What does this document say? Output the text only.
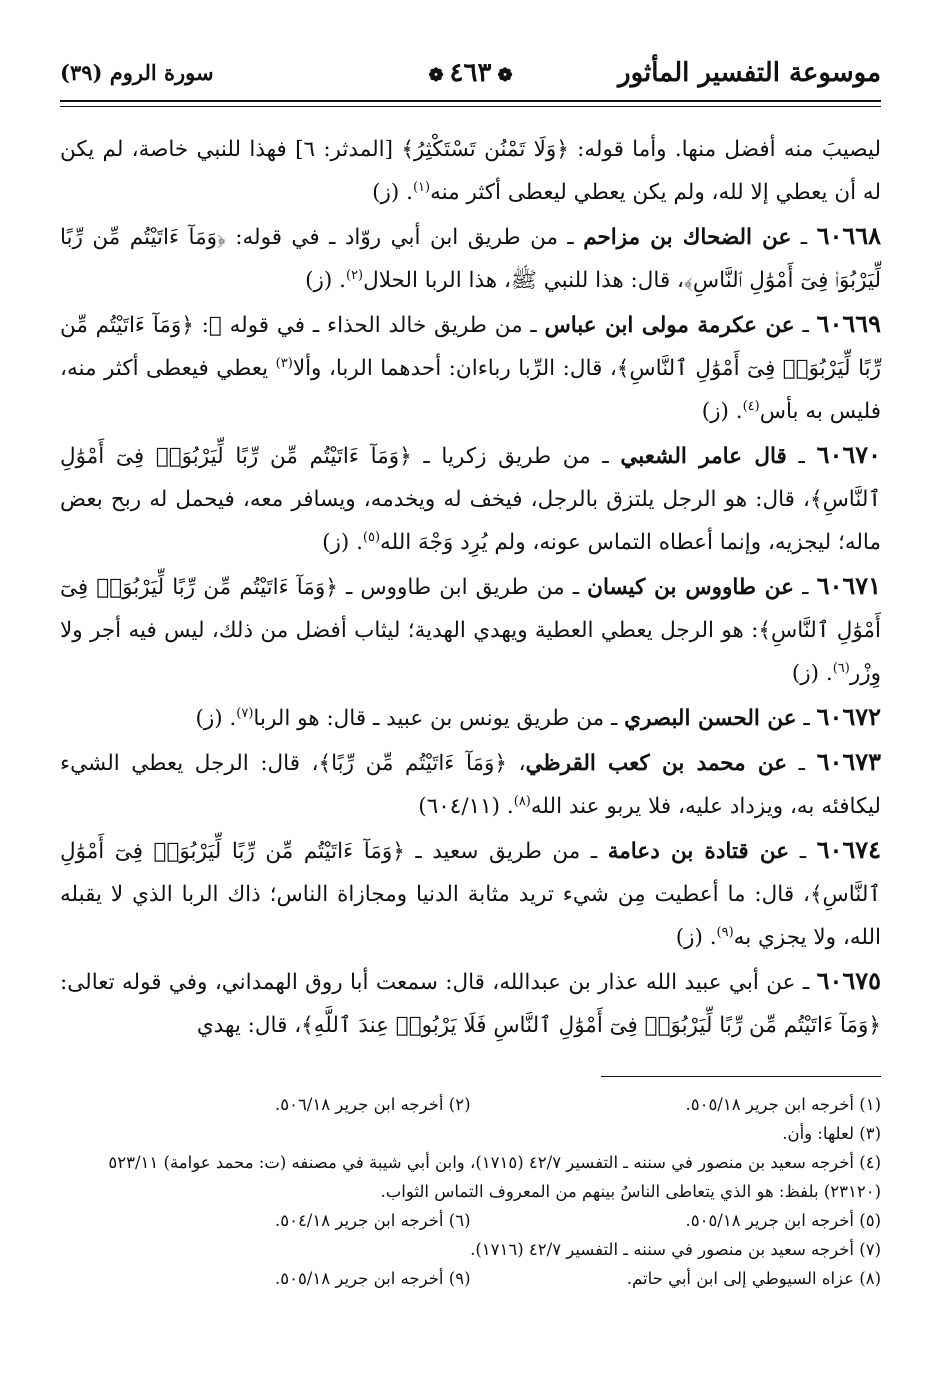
موسوعة التفسير المأثور
❁ ٤٦٣ ❁
سورة الروم (٣٩)

ليصيبَ منه أفضل منها. وأما قوله: ﴿وَلَا تَمْنُن تَسْتَكْثِرُ﴾ [المدثر: ٦] فهذا للنبي خاصة، لم يكن له أن يعطي إلا لله، ولم يكن يعطي ليعطى أكثر منه$^{(١)}$. (ز)

٦٠٦٦٨ ـ عن الضحاك بن مزاحم ـ من طريق ابن أبي روّاد ـ في قوله: ﴿وَمَآ ءَاتَيْتُم مِّن رِّبًا لِّيَرْبُوَا۟ فِىٓ أَمْوَٰلِ ٱلنَّاسِ﴾، قال: هذا للنبي ﷺ، هذا الربا الحلال$^{(٢)}$. (ز)

٦٠٦٦٩ ـ عن عكرمة مولى ابن عباس ـ من طريق خالد الحذاء ـ في قوله ﷻ: ﴿وَمَآ ءَاتَيْتُم مِّن رِّبًا لِّيَرْبُوَا۟ فِىٓ أَمْوَٰلِ ٱلنَّاسِ﴾، قال: الرِّبا رباءان: أحدهما الربا، وألا$^{(٣)}$ يعطي فيعطى أكثر منه، فليس به بأس$^{(٤)}$. (ز)

٦٠٦٧٠ ـ قال عامر الشعبي ـ من طريق زكريا ـ ﴿وَمَآ ءَاتَيْتُم مِّن رِّبًا لِّيَرْبُوَا۟ فِىٓ أَمْوَٰلِ ٱلنَّاسِ﴾، قال: هو الرجل يلتزق بالرجل، فيخف له ويخدمه، ويسافر معه، فيحمل له ربح بعض ماله؛ ليجزيه، وإنما أعطاه التماس عونه، ولم يُرِد وَجْهَ الله$^{(٥)}$. (ز)

٦٠٦٧١ ـ عن طاووس بن كيسان ـ من طريق ابن طاووس ـ ﴿وَمَآ ءَاتَيْتُم مِّن رِّبًا لِّيَرْبُوَا۟ فِىٓ أَمْوَٰلِ ٱلنَّاسِ﴾: هو الرجل يعطي العطية ويهدي الهدية؛ ليثاب أفضل من ذلك، ليس فيه أجر ولا وِزْر$^{(٦)}$. (ز)

٦٠٦٧٢ ـ عن الحسن البصري ـ من طريق يونس بن عبيد ـ قال: هو الربا$^{(٧)}$. (ز)

٦٠٦٧٣ ـ عن محمد بن كعب القرظي، ﴿وَمَآ ءَاتَيْتُم مِّن رِّبًا﴾، قال: الرجل يعطي الشيء ليكافئه به، ويزداد عليه، فلا يربو عند الله$^{(٨)}$. (٦٠٤/١١)

٦٠٦٧٤ ـ عن قتادة بن دعامة ـ من طريق سعيد ـ ﴿وَمَآ ءَاتَيْتُم مِّن رِّبًا لِّيَرْبُوَا۟ فِىٓ أَمْوَٰلِ ٱلنَّاسِ﴾، قال: ما أعطيت مِن شيء تريد مثابة الدنيا ومجازاة الناس؛ ذاك الربا الذي لا يقبله الله، ولا يجزي به$^{(٩)}$. (ز)

٦٠٦٧٥ ـ عن أبي عبيد الله عذار بن عبدالله، قال: سمعت أبا روق الهمداني، وفي قوله تعالى: ﴿وَمَآ ءَاتَيْتُم مِّن رِّبًا لِّيَرْبُوَا۟ فِىٓ أَمْوَٰلِ ٱلنَّاسِ فَلَا يَرْبُوا۟ عِندَ ٱللَّهِ﴾، قال: يهدي

(١) أخرجه ابن جرير ٥٠٥/١٨.

(٢) أخرجه ابن جرير ٥٠٦/١٨.

(٣) لعلها: وأن.

(٤) أخرجه سعيد بن منصور في سننه ـ التفسير ٤٢/٧ (١٧١٥)، وابن أبي شيبة في مصنفه (ت: محمد عوامة) ٥٢٣/١١ (٢٣١٢٠) بلفظ: هو الذي يتعاطى الناسُ بينهم من المعروف التماس الثواب.

(٥) أخرجه ابن جرير ٥٠٥/١٨.

(٦) أخرجه ابن جرير ٥٠٤/١٨.

(٧) أخرجه سعيد بن منصور في سننه ـ التفسير ٤٢/٧ (١٧١٦).

(٨) عزاه السيوطي إلى ابن أبي حاتم.

(٩) أخرجه ابن جرير ٥٠٥/١٨.
